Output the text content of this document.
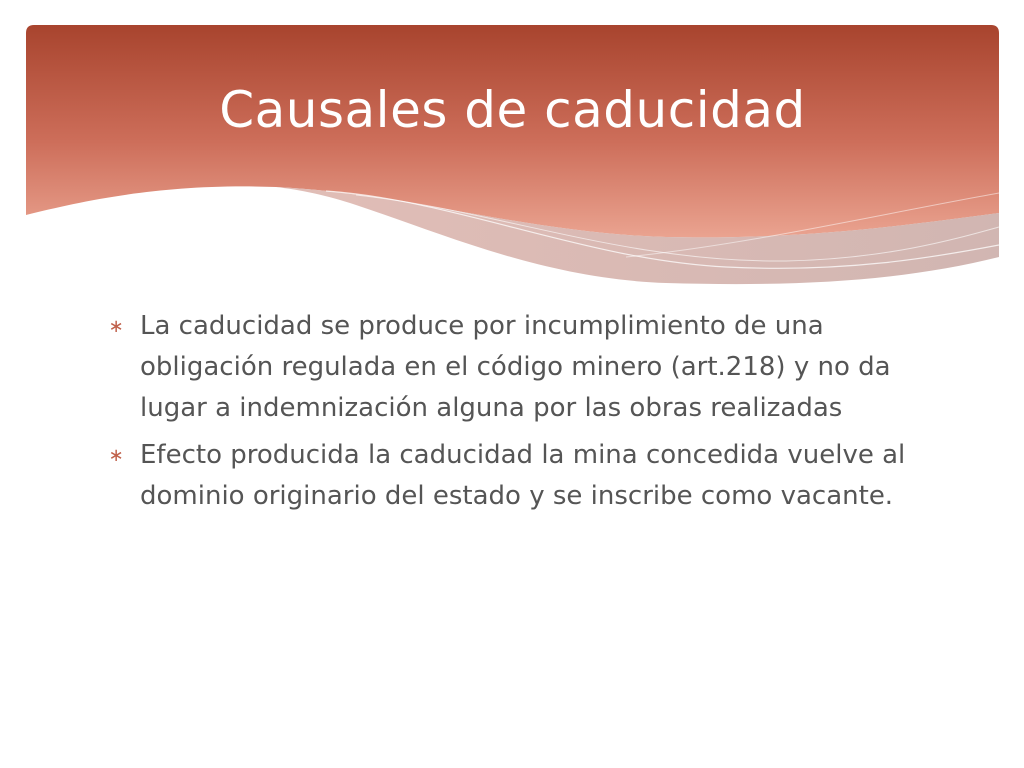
Causales de caducidad
∗ La caducidad se produce por incumplimiento de una obligación regulada en el código minero (art.218) y no da lugar a indemnización alguna por las obras realizadas
∗ Efecto producida la caducidad la mina concedida vuelve al dominio originario del estado y se inscribe como vacante.
